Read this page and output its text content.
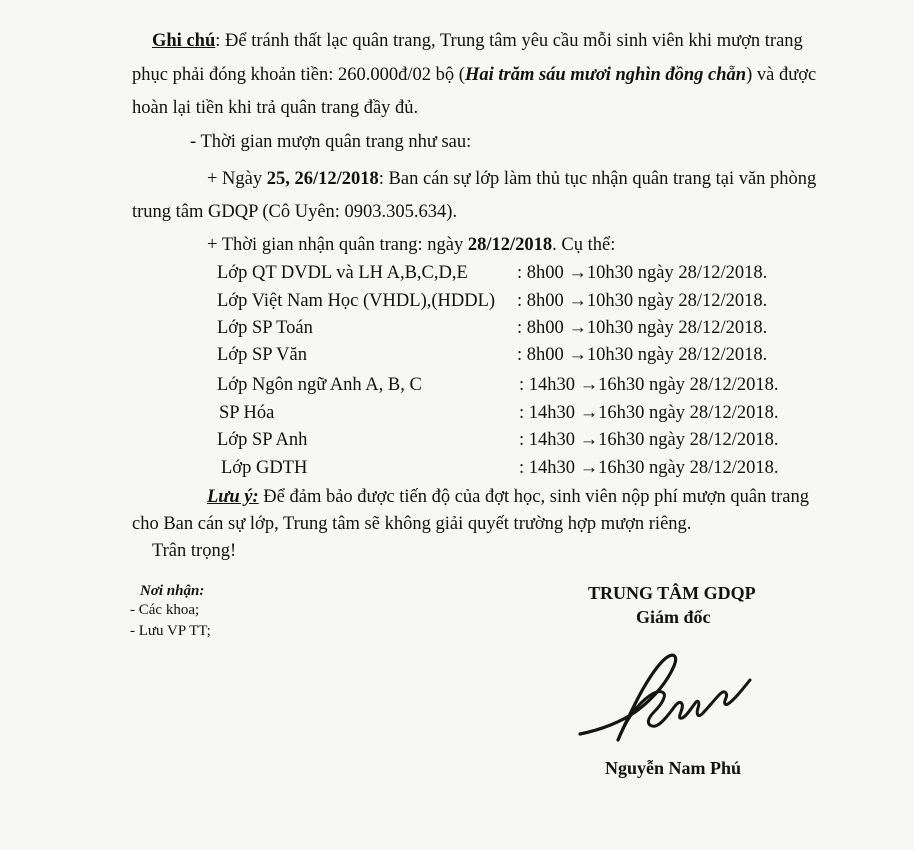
Ghi chú: Để tránh thất lạc quân trang, Trung tâm yêu cầu mỗi sinh viên khi mượn trang
phục phải đóng khoản tiền: 260.000đ/02 bộ (Hai trăm sáu mươi nghìn đồng chẵn) và được
hoàn lại tiền khi trả quân trang đầy đủ.
- Thời gian mượn quân trang như sau:
+ Ngày 25, 26/12/2018: Ban cán sự lớp làm thủ tục nhận quân trang tại văn phòng
trung tâm GDQP (Cô Uyên: 0903.305.634).
+ Thời gian nhận quân trang: ngày 28/12/2018. Cụ thể:
Lớp QT DVDL và LH A,B,C,D,E	: 8h00 →10h30 ngày 28/12/2018.
Lớp Việt Nam Học (VHDL),(HDDL) : 8h00 →10h30 ngày 28/12/2018.
Lớp SP Toán	: 8h00 →10h30 ngày 28/12/2018.
Lớp SP Văn	: 8h00 →10h30 ngày 28/12/2018.
Lớp Ngôn ngữ Anh A, B, C	: 14h30 →16h30 ngày 28/12/2018.
SP Hóa	: 14h30 →16h30 ngày 28/12/2018.
Lớp SP Anh	: 14h30 →16h30 ngày 28/12/2018.
Lớp GDTH	: 14h30 →16h30 ngày 28/12/2018.
Lưu ý: Để đảm bảo được tiến độ của đợt học, sinh viên nộp phí mượn quân trang
cho Ban cán sự lớp, Trung tâm sẽ không giải quyết trường hợp mượn riêng.
Trân trọng!
Nơi nhận:
- Các khoa;
- Lưu VP TT;
TRUNG TÂM GDQP
Giám đốc
Nguyễn Nam Phú
